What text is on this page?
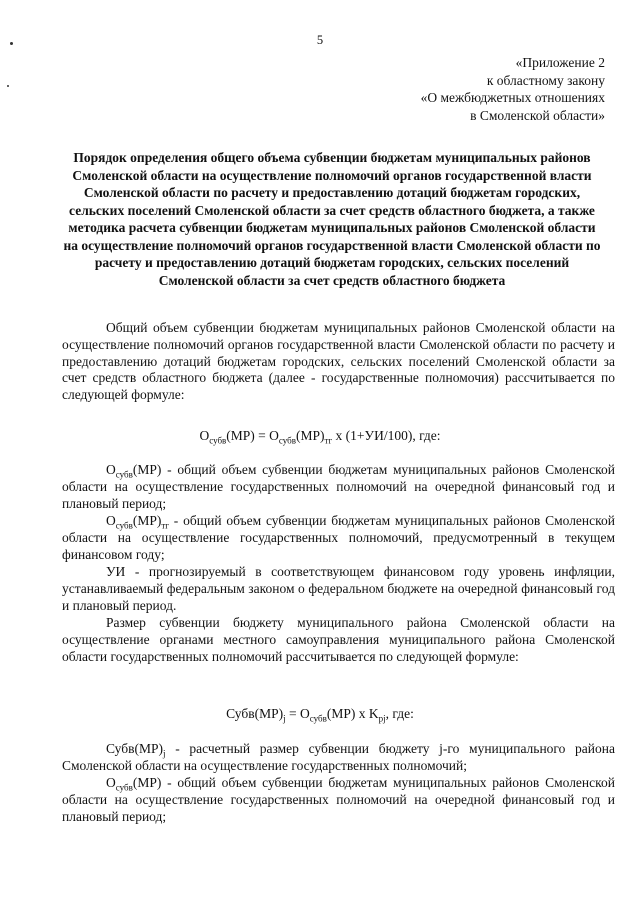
5
«Приложение 2
к областному закону
«О межбюджетных отношениях
в Смоленской области»
Порядок определения общего объема субвенции бюджетам муниципальных районов Смоленской области на осуществление полномочий органов государственной власти Смоленской области по расчету и предоставлению дотаций бюджетам городских, сельских поселений Смоленской области за счет средств областного бюджета, а также методика расчета субвенции бюджетам муниципальных районов Смоленской области на осуществление полномочий органов государственной власти Смоленской области по расчету и предоставлению дотаций бюджетам городских, сельских поселений Смоленской области за счет средств областного бюджета
Общий объем субвенции бюджетам муниципальных районов Смоленской области на осуществление полномочий органов государственной власти Смоленской области по расчету и предоставлению дотаций бюджетам городских, сельских поселений Смоленской области за счет средств областного бюджета (далее - государственные полномочия) рассчитывается по следующей формуле:
$O_{субв}(МР) = O_{субв}(МР)_{тг}$ х (1+УИ/100), где:
$O_{субв}(МР)$ - общий объем субвенции бюджетам муниципальных районов Смоленской области на осуществление государственных полномочий на очередной финансовый год и плановый период;
$O_{субв}(МР)_{тг}$ - общий объем субвенции бюджетам муниципальных районов Смоленской области на осуществление государственных полномочий, предусмотренный в текущем финансовом году;
УИ - прогнозируемый в соответствующем финансовом году уровень инфляции, устанавливаемый федеральным законом о федеральном бюджете на очередной финансовый год и плановый период.
Размер субвенции бюджету муниципального района Смоленской области на осуществление органами местного самоуправления муниципального района Смоленской области государственных полномочий рассчитывается по следующей формуле:
$Субв(МР)_j = O_{субв}(МР)$ х $K_{pj}$, где:
$Субв(МР)_j$ - расчетный размер субвенции бюджету j-го муниципального района Смоленской области на осуществление государственных полномочий;
$O_{субв}(МР)$ - общий объем субвенции бюджетам муниципальных районов Смоленской области на осуществление государственных полномочий на очередной финансовый год и плановый период;
